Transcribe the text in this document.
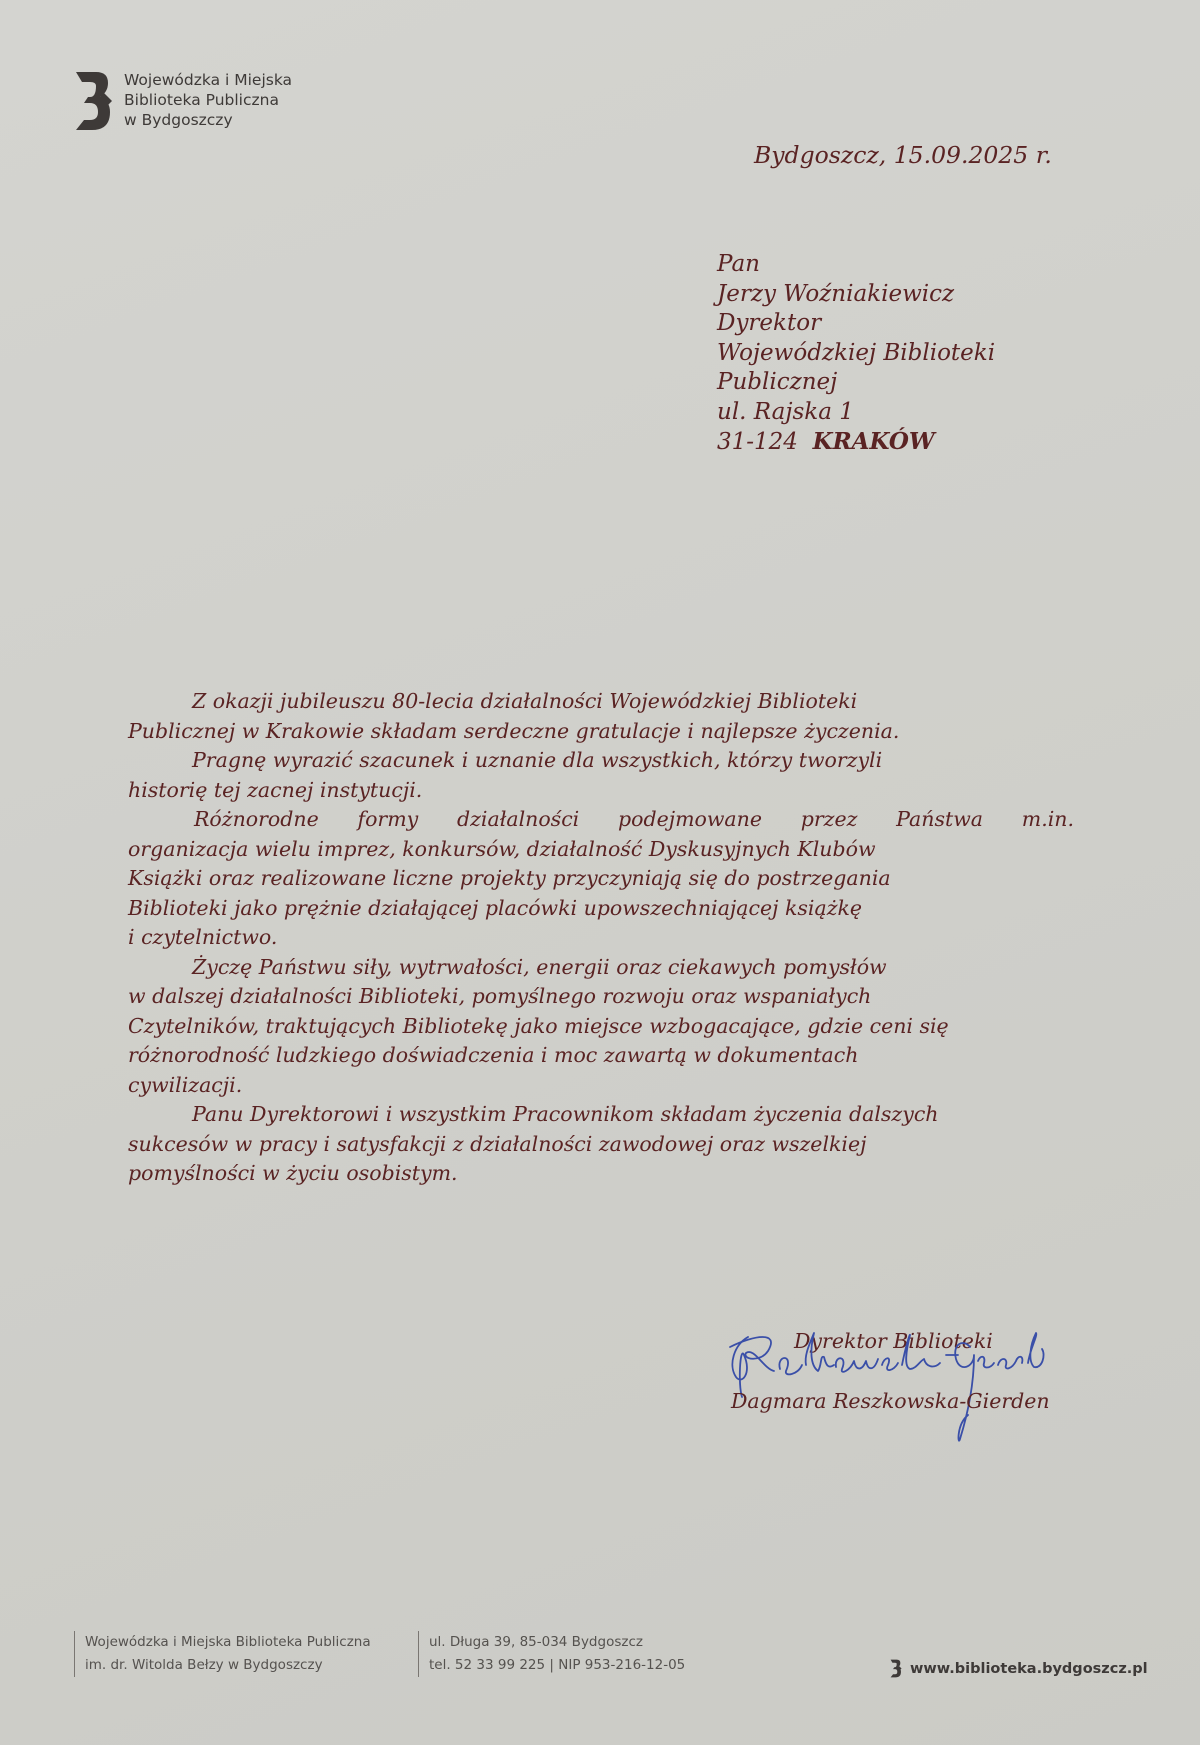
Wojewódzka i Miejska
Biblioteka Publiczna
w Bydgoszczy
Bydgoszcz, 15.09.2025 r.
Pan
Jerzy Woźniakiewicz
Dyrektor
Wojewódzkiej Biblioteki
Publicznej
ul. Rajska 1
31-124 KRAKÓW
Z okazji jubileuszu 80-lecia działalności Wojewódzkiej Biblioteki
Publicznej w Krakowie składam serdeczne gratulacje i najlepsze życzenia.
Pragnę wyrazić szacunek i uznanie dla wszystkich, którzy tworzyli
historię tej zacnej instytucji.
Różnorodne formy działalności podejmowane przez Państwa m.in.
organizacja wielu imprez, konkursów, działalność Dyskusyjnych Klubów
Książki oraz realizowane liczne projekty przyczyniają się do postrzegania
Biblioteki jako prężnie działającej placówki upowszechniającej książkę
i czytelnictwo.
Życzę Państwu siły, wytrwałości, energii oraz ciekawych pomysłów
w dalszej działalności Biblioteki, pomyślnego rozwoju oraz wspaniałych
Czytelników, traktujących Bibliotekę jako miejsce wzbogacające, gdzie ceni się
różnorodność ludzkiego doświadczenia i moc zawartą w dokumentach
cywilizacji.
Panu Dyrektorowi i wszystkim Pracownikom składam życzenia dalszych
sukcesów w pracy i satysfakcji z działalności zawodowej oraz wszelkiej
pomyślności w życiu osobistym.
Dyrektor Biblioteki
Dagmara Reszkowska-Gierden
Wojewódzka i Miejska Biblioteka Publiczna
im. dr. Witolda Bełzy w Bydgoszczy
ul. Długa 39, 85-034 Bydgoszcz
tel. 52 33 99 225 | NIP 953-216-12-05	www.biblioteka.bydgoszcz.pl
